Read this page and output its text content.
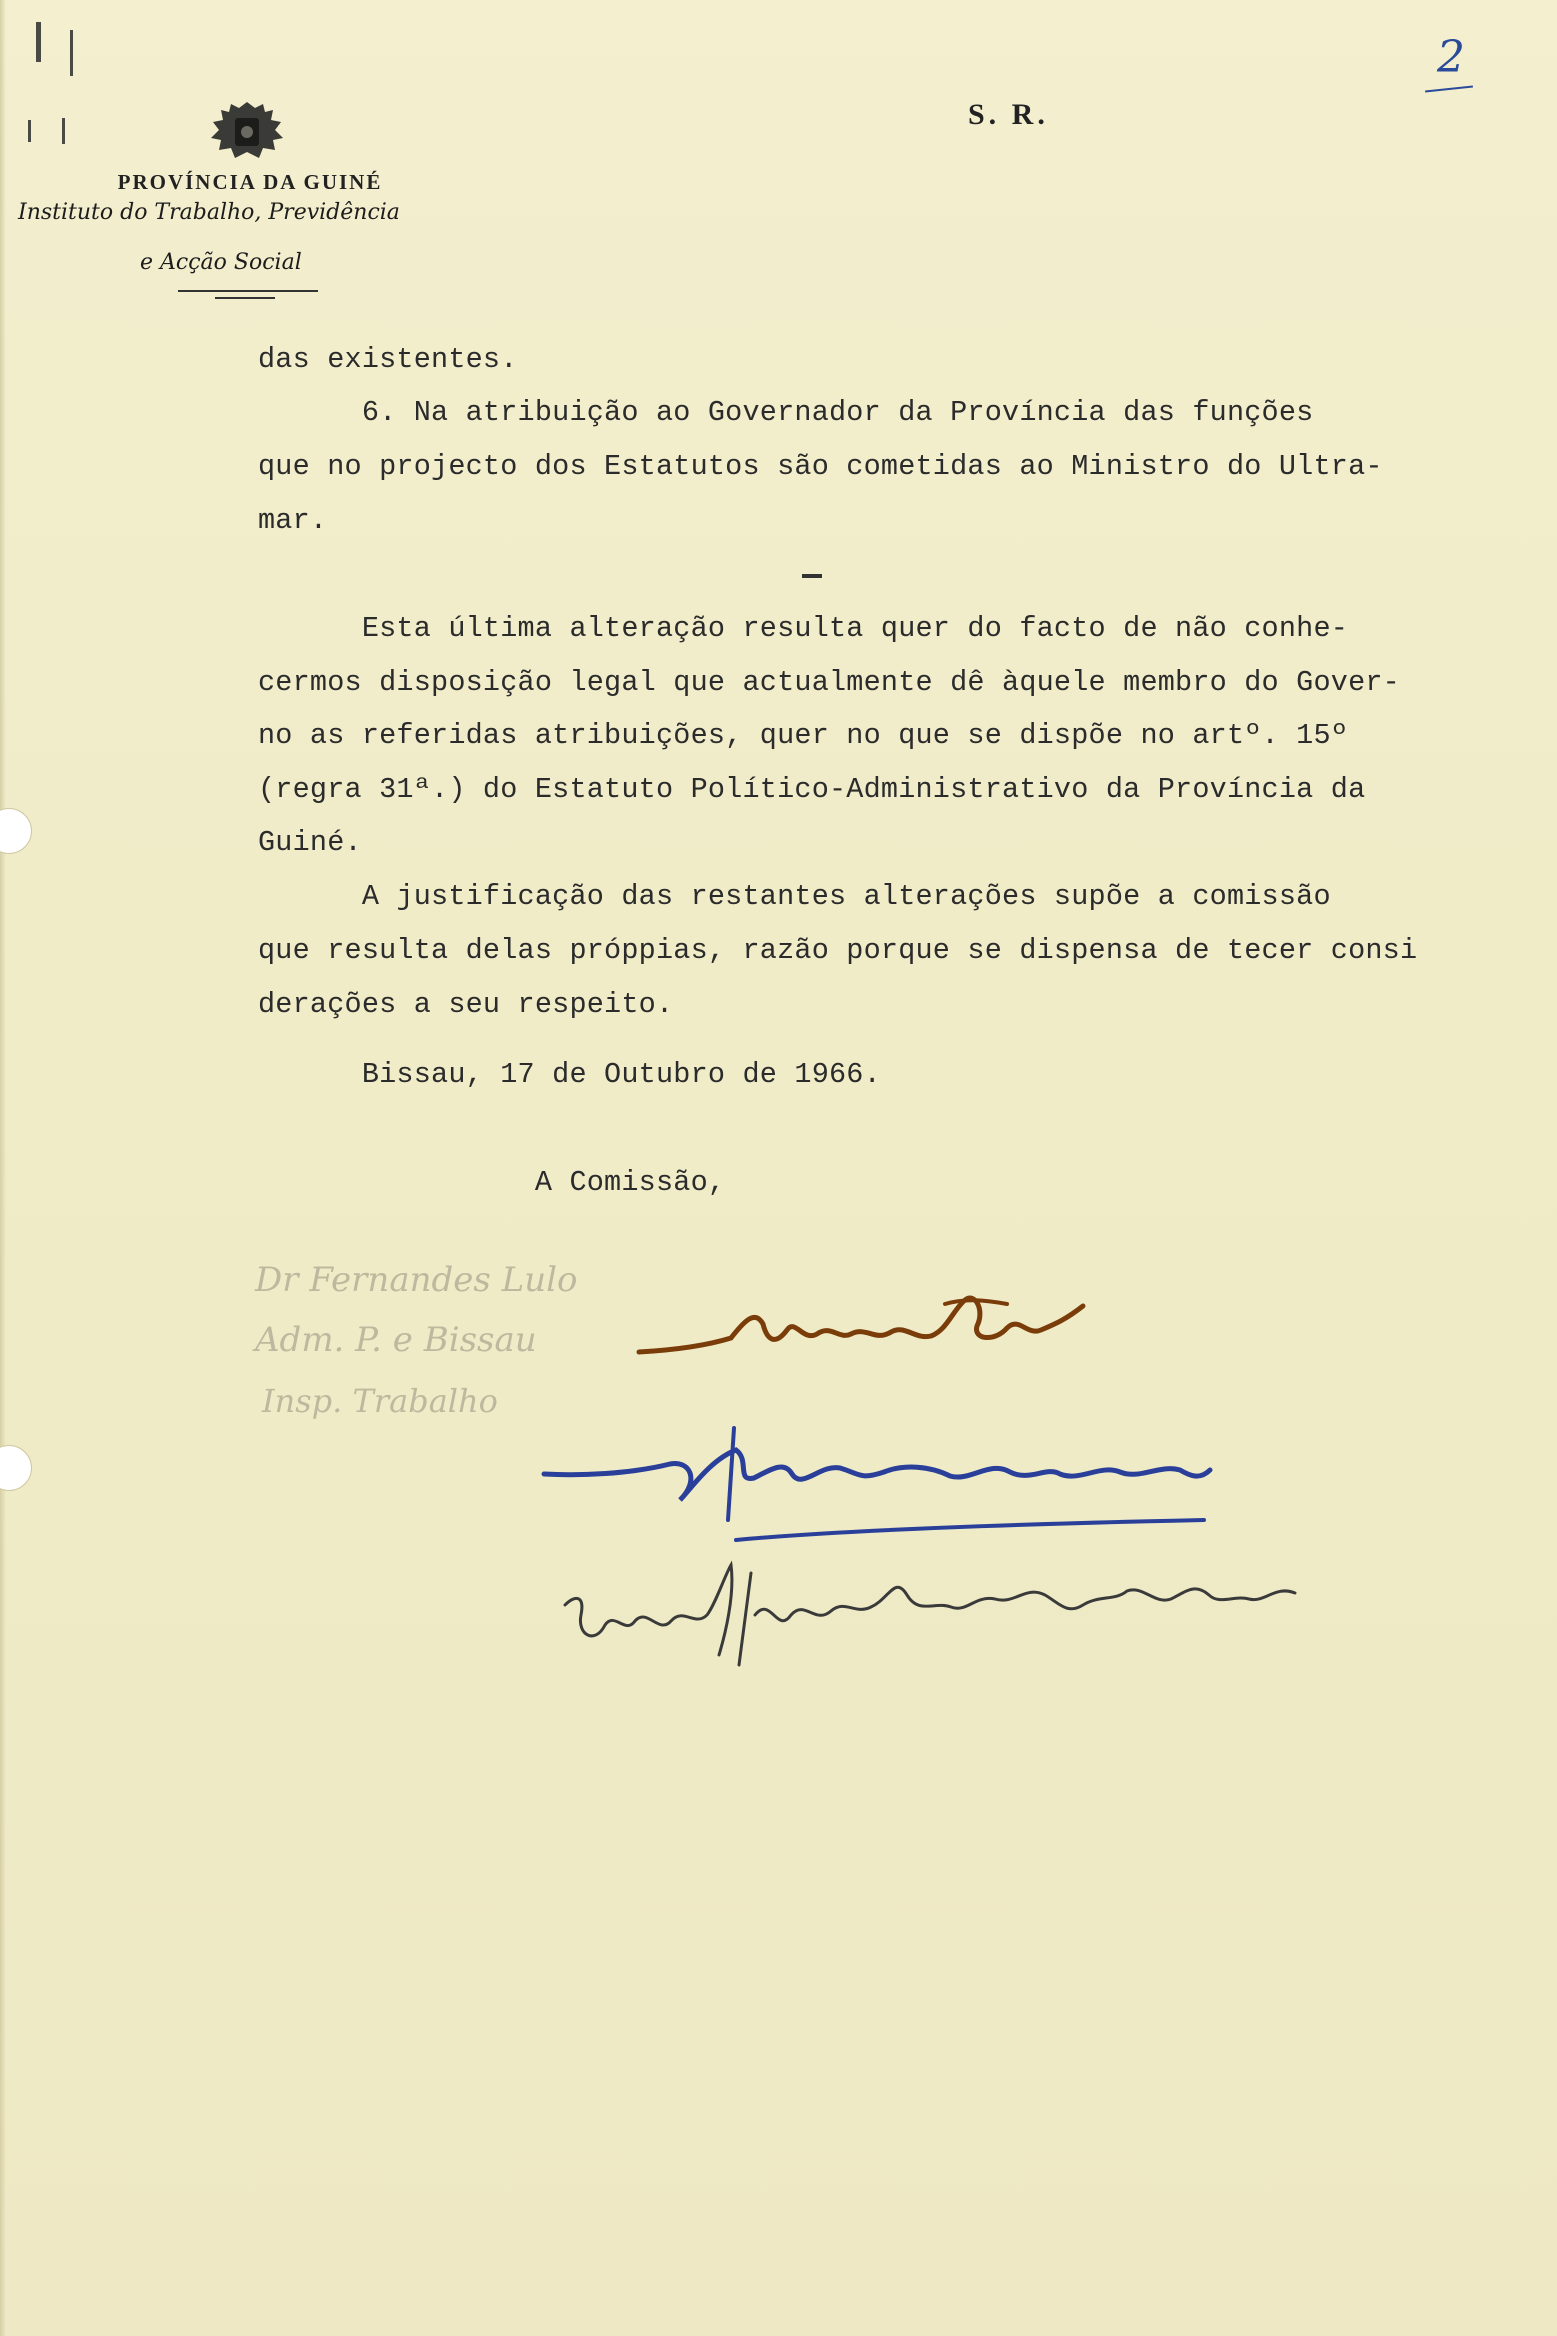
2
PROVÍNCIA DA GUINÉ
Instituto do Trabalho, Previdência
e Acção Social
S. R.
das existentes.
6. Na atribuição ao Governador da Província das funções
que no projecto dos Estatutos são cometidas ao Ministro do Ultra-
mar.
Esta última alteração resulta quer do facto de não conhe-
cermos disposição legal que actualmente dê àquele membro do Gover-
no as referidas atribuições, quer no que se dispõe no artº. 15º
(regra 31ª.) do Estatuto Político-Administrativo da Província da
Guiné.
A justificação das restantes alterações supõe a comissão
que resulta delas próppias, razão porque se dispensa de tecer consi
derações a seu respeito.
Bissau, 17 de Outubro de 1966.
A Comissão,
Dr Fernandes Lulo
Adm. P. e Bissau
Insp. Trabalho
